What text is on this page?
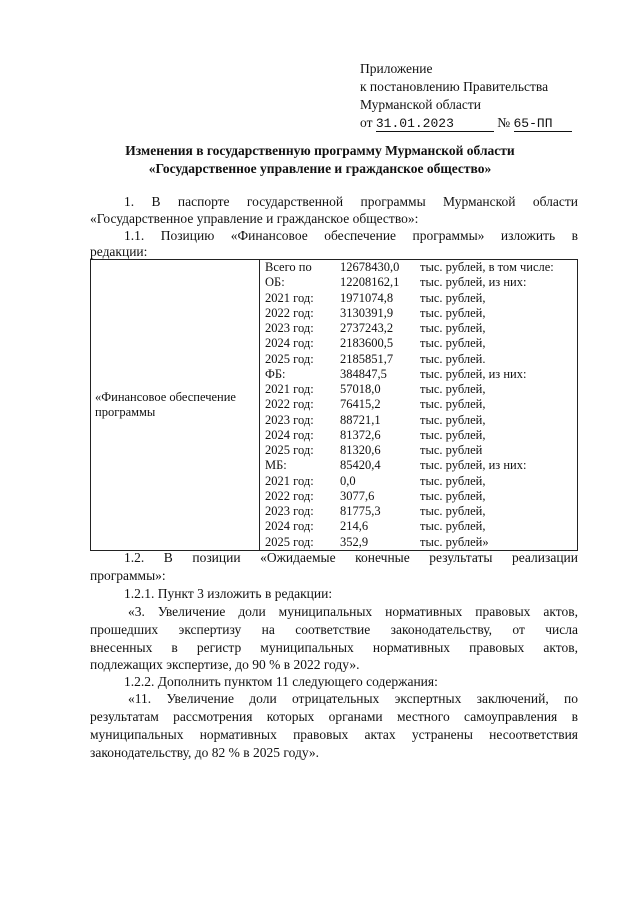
Приложение
к постановлению Правительства
Мурманской области
от 31.01.2023	№ 65-ПП
Изменения в государственную программу Мурманской области
«Государственное управление и гражданское общество»
1. В паспорте государственной программы Мурманской области
«Государственное управление и гражданское общество»:
1.1. Позицию «Финансовое обеспечение программы» изложить в
редакции:
«Финансовое обеспечение программы	
Всего по	12678430,0	тыс. рублей, в том числе:
ОБ:	12208162,1	тыс. рублей, из них:
2021 год:	1971074,8	тыс. рублей,
2022 год:	3130391,9	тыс. рублей,
2023 год:	2737243,2	тыс. рублей,
2024 год:	2183600,5	тыс. рублей,
2025 год:	2185851,7	тыс. рублей.
ФБ:	384847,5	тыс. рублей, из них:
2021 год:	57018,0	тыс. рублей,
2022 год:	76415,2	тыс. рублей,
2023 год:	88721,1	тыс. рублей,
2024 год:	81372,6	тыс. рублей,
2025 год:	81320,6	тыс. рублей
МБ:	85420,4	тыс. рублей, из них:
2021 год:	0,0	тыс. рублей,
2022 год:	3077,6	тыс. рублей,
2023 год:	81775,3	тыс. рублей,
2024 год:	214,6	тыс. рублей,
2025 год:	352,9	тыс. рублей»
1.2. В позиции «Ожидаемые конечные результаты реализации
программы»:
1.2.1. Пункт 3 изложить в редакции:
«3. Увеличение доли муниципальных нормативных правовых актов,
прошедших экспертизу на соответствие законодательству, от числа
внесенных в регистр муниципальных нормативных правовых актов,
подлежащих экспертизе, до 90 % в 2022 году».
1.2.2. Дополнить пунктом 11 следующего содержания:
«11. Увеличение доли отрицательных экспертных заключений, по
результатам рассмотрения которых органами местного самоуправления в
муниципальных нормативных правовых актах устранены несоответствия
законодательству, до 82 % в 2025 году».
